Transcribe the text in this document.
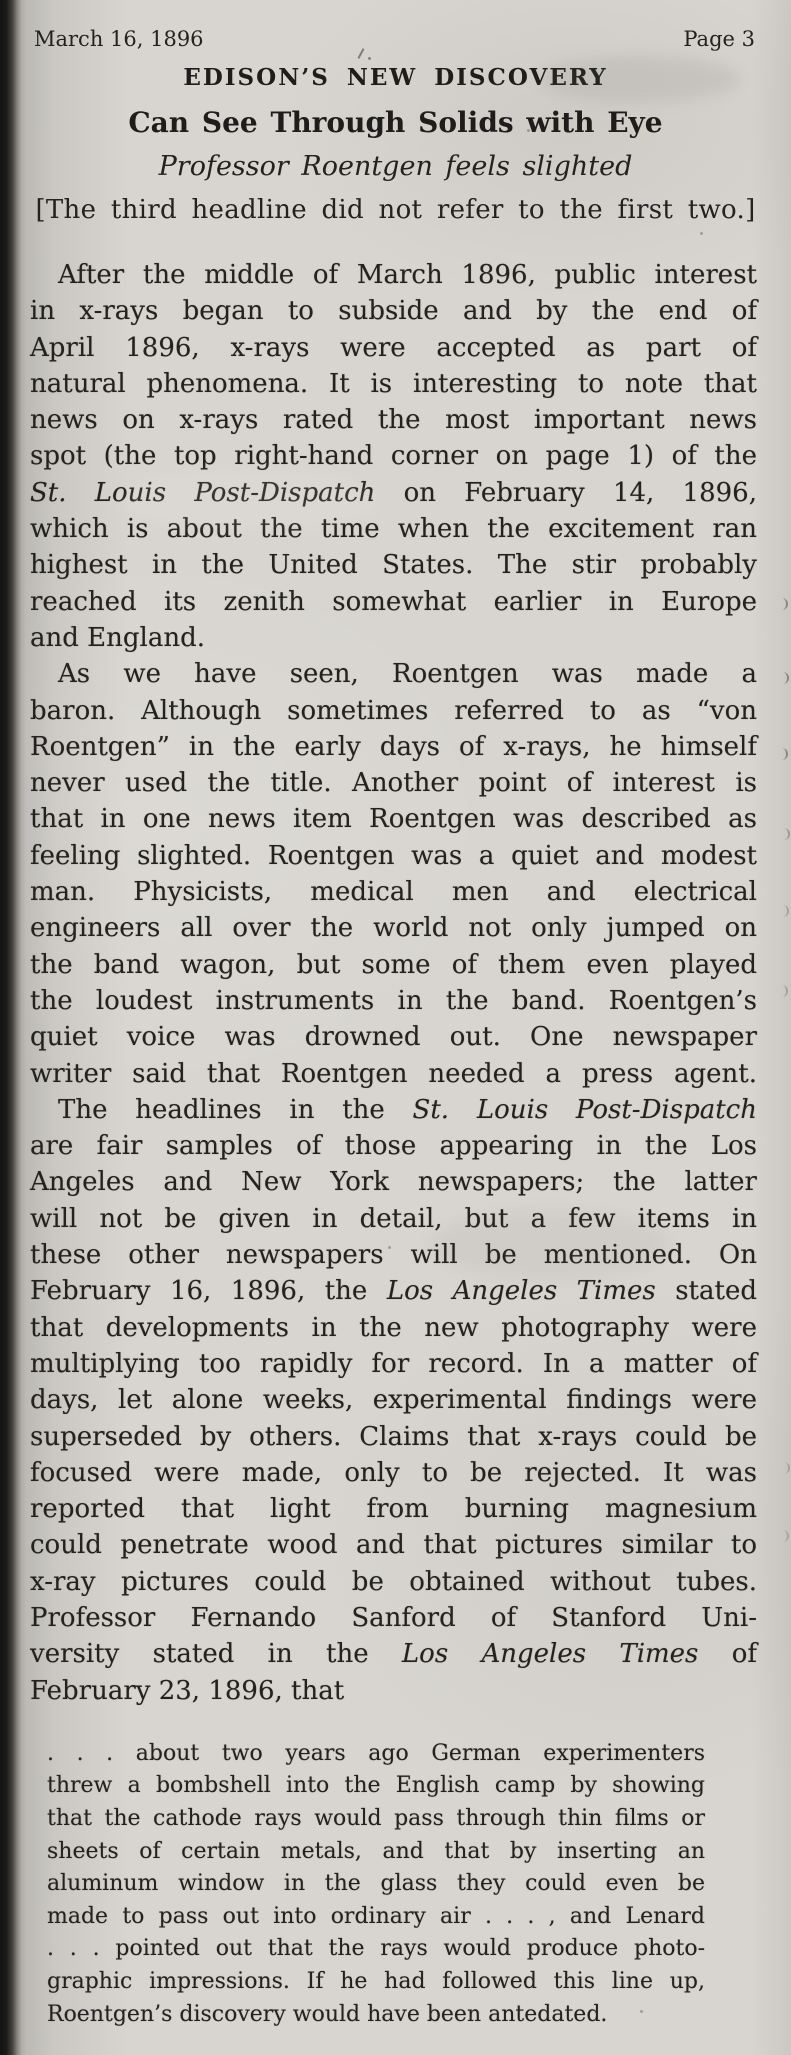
March 16, 1896	Page 3
EDISON’S NEW DISCOVERY
Can See Through Solids with Eye
Professor Roentgen feels slighted
[The third headline did not refer to the first two.]
After the middle of March 1896, public interest
in x-rays began to subside and by the end of
April 1896, x-rays were accepted as part of
natural phenomena. It is interesting to note that
news on x-rays rated the most important news
spot (the top right-hand corner on page 1) of the
St. Louis Post-Dispatch on February 14, 1896,
which is about the time when the excitement ran
highest in the United States. The stir probably
reached its zenith somewhat earlier in Europe
and England.
As we have seen, Roentgen was made a
baron. Although sometimes referred to as “von
Roentgen” in the early days of x-rays, he himself
never used the title. Another point of interest is
that in one news item Roentgen was described as
feeling slighted. Roentgen was a quiet and modest
man. Physicists, medical men and electrical
engineers all over the world not only jumped on
the band wagon, but some of them even played
the loudest instruments in the band. Roentgen’s
quiet voice was drowned out. One newspaper
writer said that Roentgen needed a press agent.
The headlines in the St. Louis Post-Dispatch
are fair samples of those appearing in the Los
Angeles and New York newspapers; the latter
will not be given in detail, but a few items in
these other newspapers will be mentioned. On
February 16, 1896, the Los Angeles Times stated
that developments in the new photography were
multiplying too rapidly for record. In a matter of
days, let alone weeks, experimental findings were
superseded by others. Claims that x-rays could be
focused were made, only to be rejected. It was
reported that light from burning magnesium
could penetrate wood and that pictures similar to
x-ray pictures could be obtained without tubes.
Professor Fernando Sanford of Stanford Uni-
versity stated in the Los Angeles Times of
February 23, 1896, that
. . . about two years ago German experimenters
threw a bombshell into the English camp by showing
that the cathode rays would pass through thin films or
sheets of certain metals, and that by inserting an
aluminum window in the glass they could even be
made to pass out into ordinary air . . . , and Lenard
. . . pointed out that the rays would produce photo-
graphic impressions. If he had followed this line up,
Roentgen’s discovery would have been antedated.
